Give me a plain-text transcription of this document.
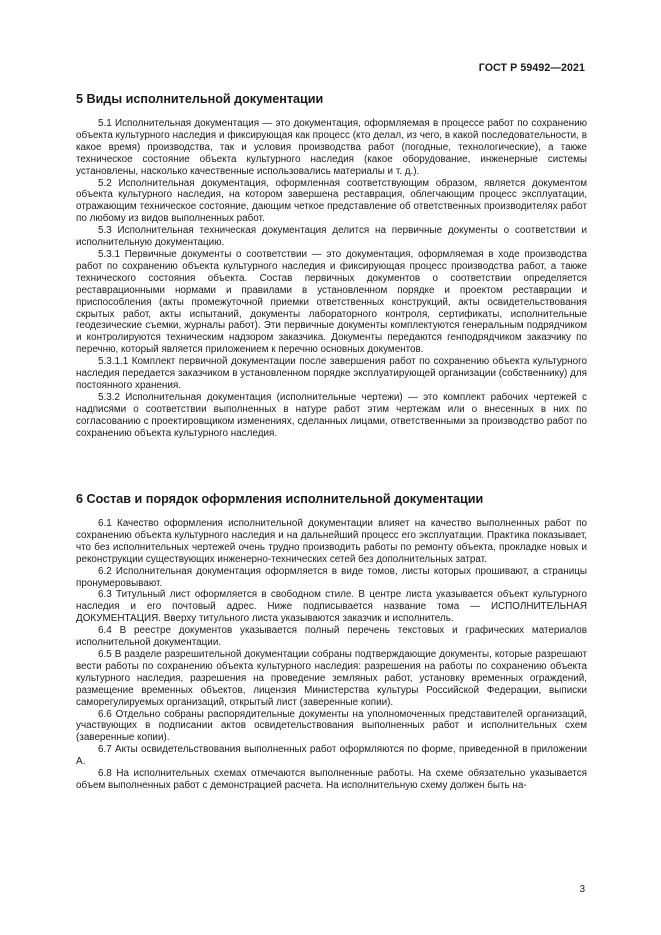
ГОСТ Р 59492—2021
5 Виды исполнительной документации

5.1 Исполнительная документация — это документация, оформляемая в процессе работ по сохранению объекта культурного наследия и фиксирующая как процесс (кто делал, из чего, в какой последовательности, в какое время) производства, так и условия производства работ (погодные, технологические), а также техническое состояние объекта культурного наследия (какое оборудование, инженерные системы установлены, насколько качественные использовались материалы и т. д.).

5.2 Исполнительная документация, оформленная соответствующим образом, является документом объекта культурного наследия, на котором завершена реставрация, облегчающим процесс эксплуатации, отражающим техническое состояние, дающим четкое представление об ответственных производителях работ по любому из видов выполненных работ.

5.3 Исполнительная техническая документация делится на первичные документы о соответствии и исполнительную документацию.

5.3.1 Первичные документы о соответствии — это документация, оформляемая в ходе производства работ по сохранению объекта культурного наследия и фиксирующая процесс производства работ, а также технического состояния объекта. Состав первичных документов о соответствии определяется реставрационными нормами и правилами в установленном порядке и проектом реставрации и приспособления (акты промежуточной приемки ответственных конструкций, акты освидетельствования скрытых работ, акты испытаний, документы лабораторного контроля, сертификаты, исполнительные геодезические съемки, журналы работ). Эти первичные документы комплектуются генеральным подрядчиком и контролируются техническим надзором заказчика. Документы передаются генподрядчиком заказчику по перечню, который является приложением к перечню основных документов.

5.3.1.1 Комплект первичной документации после завершения работ по сохранению объекта культурного наследия передается заказчиком в установленном порядке эксплуатирующей организации (собственнику) для постоянного хранения.

5.3.2 Исполнительная документация (исполнительные чертежи) — это комплект рабочих чертежей с надписями о соответствии выполненных в натуре работ этим чертежам или о внесенных в них по согласованию с проектировщиком изменениях, сделанных лицами, ответственными за производство работ по сохранению объекта культурного наследия.

6 Состав и порядок оформления исполнительной документации

6.1 Качество оформления исполнительной документации влияет на качество выполненных работ по сохранению объекта культурного наследия и на дальнейший процесс его эксплуатации. Практика показывает, что без исполнительных чертежей очень трудно производить работы по ремонту объекта, прокладке новых и реконструкции существующих инженерно-технических сетей без дополнительных затрат.

6.2 Исполнительная документация оформляется в виде томов, листы которых прошивают, а страницы пронумеровывают.

6.3 Титульный лист оформляется в свободном стиле. В центре листа указывается объект культурного наследия и его почтовый адрес. Ниже подписывается название тома — ИСПОЛНИТЕЛЬНАЯ ДОКУМЕНТАЦИЯ. Вверху титульного листа указываются заказчик и исполнитель.

6.4 В реестре документов указывается полный перечень текстовых и графических материалов исполнительной документации.

6.5 В разделе разрешительной документации собраны подтверждающие документы, которые разрешают вести работы по сохранению объекта культурного наследия: разрешения на работы по сохранению объекта культурного наследия, разрешения на проведение земляных работ, установку временных ограждений, размещение временных объектов, лицензия Министерства культуры Российской Федерации, выписки саморегулируемых организаций, открытый лист (заверенные копии).

6.6 Отдельно собраны распорядительные документы на уполномоченных представителей организаций, участвующих в подписании актов освидетельствования выполненных работ и исполнительных схем (заверенные копии).

6.7 Акты освидетельствования выполненных работ оформляются по форме, приведенной в приложении А.

6.8 На исполнительных схемах отмечаются выполненные работы. На схеме обязательно указывается объем выполненных работ с демонстрацией расчета. На исполнительную схему должен быть на-

3
